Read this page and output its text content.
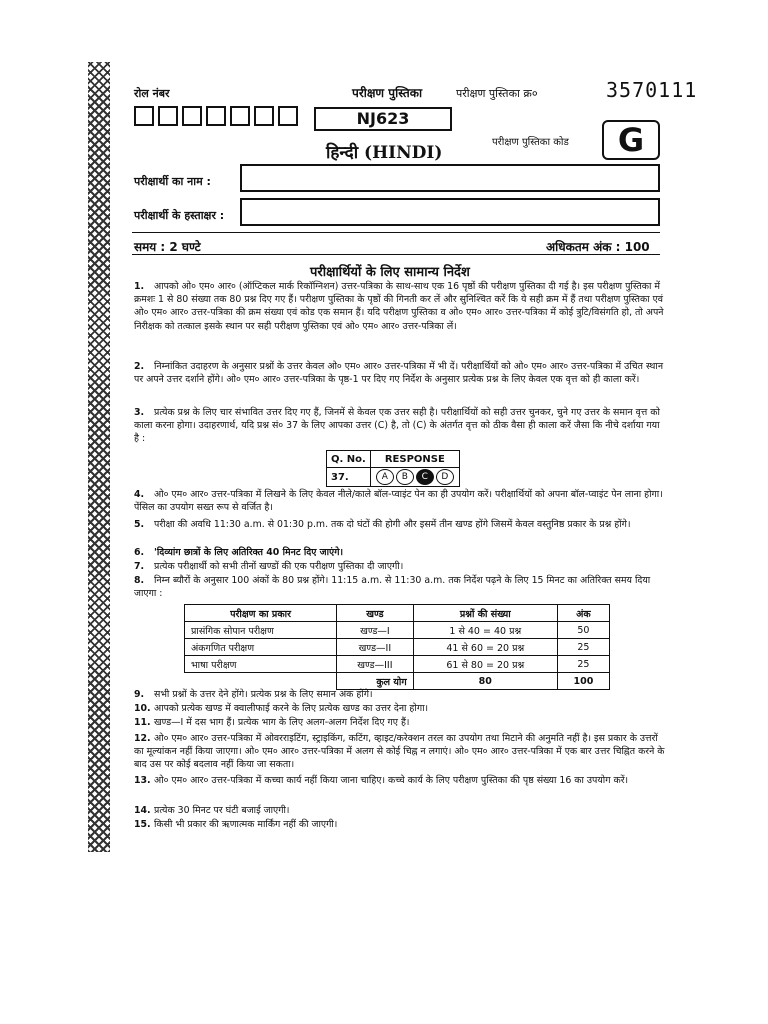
रोल नंबर	परीक्षण पुस्तिका	परीक्षण पुस्तिका क्र०	3570111
NJ623
हिन्दी (HINDI)
परीक्षण पुस्तिका कोड	G
परीक्षार्थी का नाम :
परीक्षार्थी के हस्ताक्षर :
समय : 2 घण्टे	अधिकतम अंक : 100
परीक्षार्थियों के लिए सामान्य निर्देश
1. आपको ओ० एम० आर० (ऑप्टिकल मार्क रिकॉग्निशन) उत्तर-पत्रिका के साथ-साथ एक 16 पृष्ठों की परीक्षण पुस्तिका दी गई है। इस परीक्षण पुस्तिका में क्रमशः 1 से 80 संख्या तक 80 प्रश्न दिए गए हैं। परीक्षण पुस्तिका के पृष्ठों की गिनती कर लें और सुनिश्चित करें कि ये सही क्रम में हैं तथा परीक्षण पुस्तिका एवं ओ० एम० आर० उत्तर-पत्रिका की क्रम संख्या एवं कोड एक समान हैं। यदि परीक्षण पुस्तिका व ओ० एम० आर० उत्तर-पत्रिका में कोई त्रुटि/विसंगति हो, तो अपने निरीक्षक को तत्काल इसके स्थान पर सही परीक्षण पुस्तिका एवं ओ० एम० आर० उत्तर-पत्रिका लें।
2. निम्नांकित उदाहरण के अनुसार प्रश्नों के उत्तर केवल ओ० एम० आर० उत्तर-पत्रिका में भी दें। परीक्षार्थियों को ओ० एम० आर० उत्तर-पत्रिका में उचित स्थान पर अपने उत्तर दर्शाने होंगे। ओ० एम० आर० उत्तर-पत्रिका के पृष्ठ-1 पर दिए गए निर्देश के अनुसार प्रत्येक प्रश्न के लिए केवल एक वृत्त को ही काला करें।
3. प्रत्येक प्रश्न के लिए चार संभावित उत्तर दिए गए हैं, जिनमें से केवल एक उत्तर सही है। परीक्षार्थियों को सही उत्तर चुनकर, चुने गए उत्तर के समान वृत्त को काला करना होगा। उदाहरणार्थ, यदि प्रश्न सं० 37 के लिए आपका उत्तर (C) है, तो (C) के अंतर्गत वृत्त को ठीक वैसा ही काला करें जैसा कि नीचे दर्शाया गया है :
Q. No.	RESPONSE
37.	A B C D
4. ओ० एम० आर० उत्तर-पत्रिका में लिखने के लिए केवल नीले/काले बॉल-प्वाइंट पेन का ही उपयोग करें। परीक्षार्थियों को अपना बॉल-प्वाइंट पेन लाना होगा। पेंसिल का उपयोग सख्त रूप से वर्जित है।
5. परीक्षा की अवधि 11:30 a.m. से 01:30 p.m. तक दो घंटों की होगी और इसमें तीन खण्ड होंगे जिसमें केवल वस्तुनिष्ठ प्रकार के प्रश्न होंगे।
6. 'दिव्यांग छात्रों के लिए अतिरिक्त 40 मिनट दिए जाएंगे।
7. प्रत्येक परीक्षार्थी को सभी तीनों खण्डों की एक परीक्षण पुस्तिका दी जाएगी।
8. निम्न ब्यौरों के अनुसार 100 अंकों के 80 प्रश्न होंगे। 11:15 a.m. से 11:30 a.m. तक निर्देश पढ़ने के लिए 15 मिनट का अतिरिक्त समय दिया जाएगा :
परीक्षण का प्रकार	खण्ड	प्रश्नों की संख्या	अंक
प्रासंगिक सोपान परीक्षण	खण्ड—I	1 से 40 = 40 प्रश्न	50
अंकगणित परीक्षण	खण्ड—II	41 से 60 = 20 प्रश्न	25
भाषा परीक्षण	खण्ड—III	61 से 80 = 20 प्रश्न	25
	कुल योग	80	100
9. सभी प्रश्नों के उत्तर देने होंगे। प्रत्येक प्रश्न के लिए समान अंक होंगे।
10. आपको प्रत्येक खण्ड में क्वालीफाई करने के लिए प्रत्येक खण्ड का उत्तर देना होगा।
11. खण्ड—I में दस भाग हैं। प्रत्येक भाग के लिए अलग-अलग निर्देश दिए गए हैं।
12. ओ० एम० आर० उत्तर-पत्रिका में ओवरराइटिंग, स्ट्राइकिंग, कटिंग, व्हाइट/करेक्शन तरल का उपयोग तथा मिटाने की अनुमति नहीं है। इस प्रकार के उत्तरों का मूल्यांकन नहीं किया जाएगा। ओ० एम० आर० उत्तर-पत्रिका में अलग से कोई चिह्न न लगाएं। ओ० एम० आर० उत्तर-पत्रिका में एक बार उत्तर चिह्नित करने के बाद उस पर कोई बदलाव नहीं किया जा सकता।
13. ओ० एम० आर० उत्तर-पत्रिका में कच्चा कार्य नहीं किया जाना चाहिए। कच्चे कार्य के लिए परीक्षण पुस्तिका की पृष्ठ संख्या 16 का उपयोग करें।
14. प्रत्येक 30 मिनट पर घंटी बजाई जाएगी।
15. किसी भी प्रकार की ऋणात्मक मार्किंग नहीं की जाएगी।
